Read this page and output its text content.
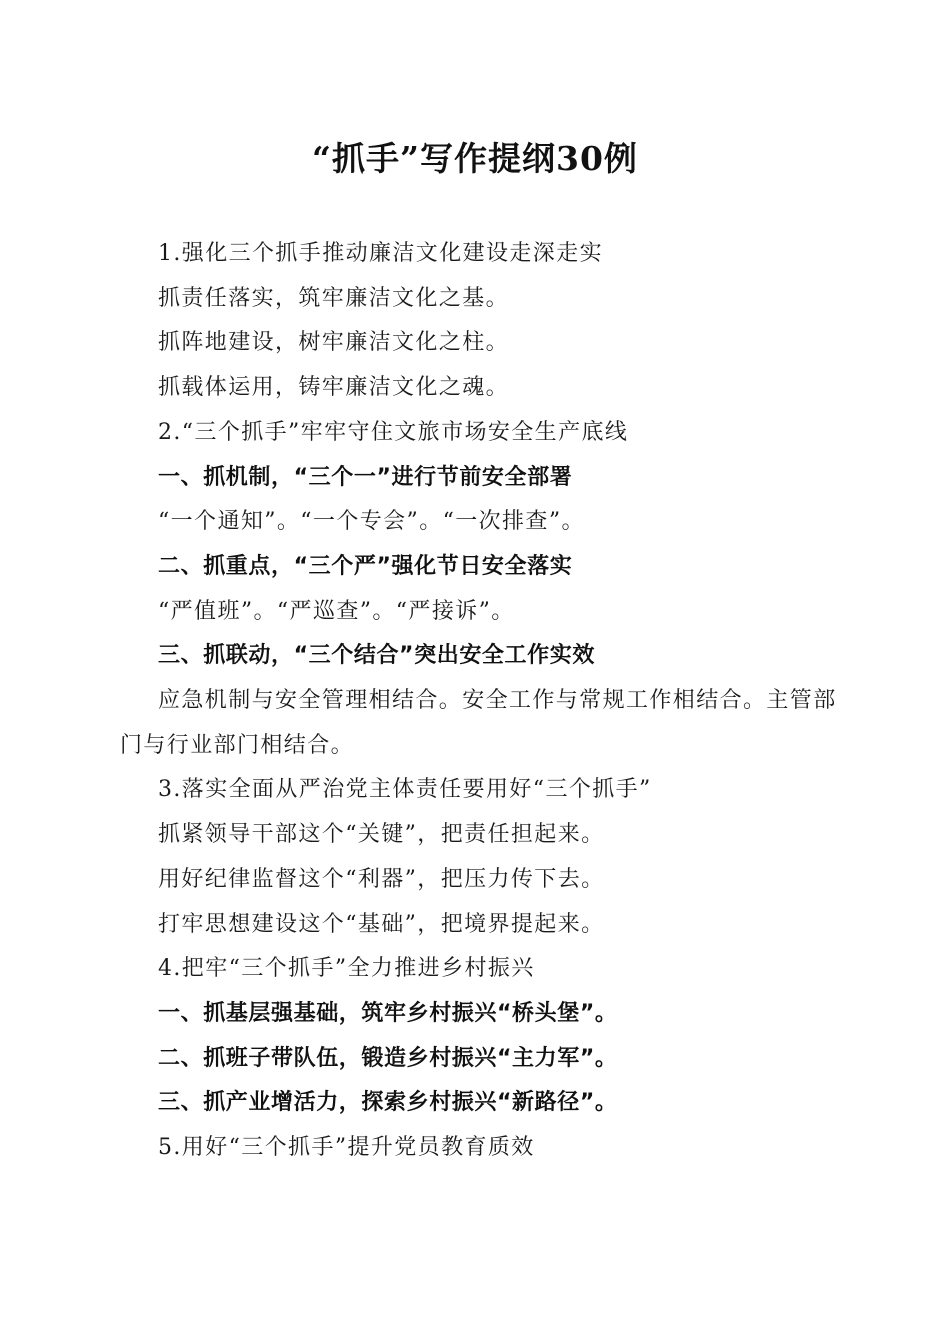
“抓手”写作提纲30例
1.强化三个抓手推动廉洁文化建设走深走实
抓责任落实，筑牢廉洁文化之基。
抓阵地建设，树牢廉洁文化之柱。
抓载体运用，铸牢廉洁文化之魂。
2.“三个抓手”牢牢守住文旅市场安全生产底线
一、抓机制，“三个一”进行节前安全部署
“一个通知”。“一个专会”。“一次排查”。
二、抓重点，“三个严”强化节日安全落实
“严值班”。“严巡查”。“严接诉”。
三、抓联动，“三个结合”突出安全工作实效
应急机制与安全管理相结合。安全工作与常规工作相结合。主管部门与行业部门相结合。
3.落实全面从严治党主体责任要用好“三个抓手”
抓紧领导干部这个“关键”，把责任担起来。
用好纪律监督这个“利器”，把压力传下去。
打牢思想建设这个“基础”，把境界提起来。
4.把牢“三个抓手”全力推进乡村振兴
一、抓基层强基础，筑牢乡村振兴“桥头堡”。
二、抓班子带队伍，锻造乡村振兴“主力军”。
三、抓产业增活力，探索乡村振兴“新路径”。
5.用好“三个抓手”提升党员教育质效
